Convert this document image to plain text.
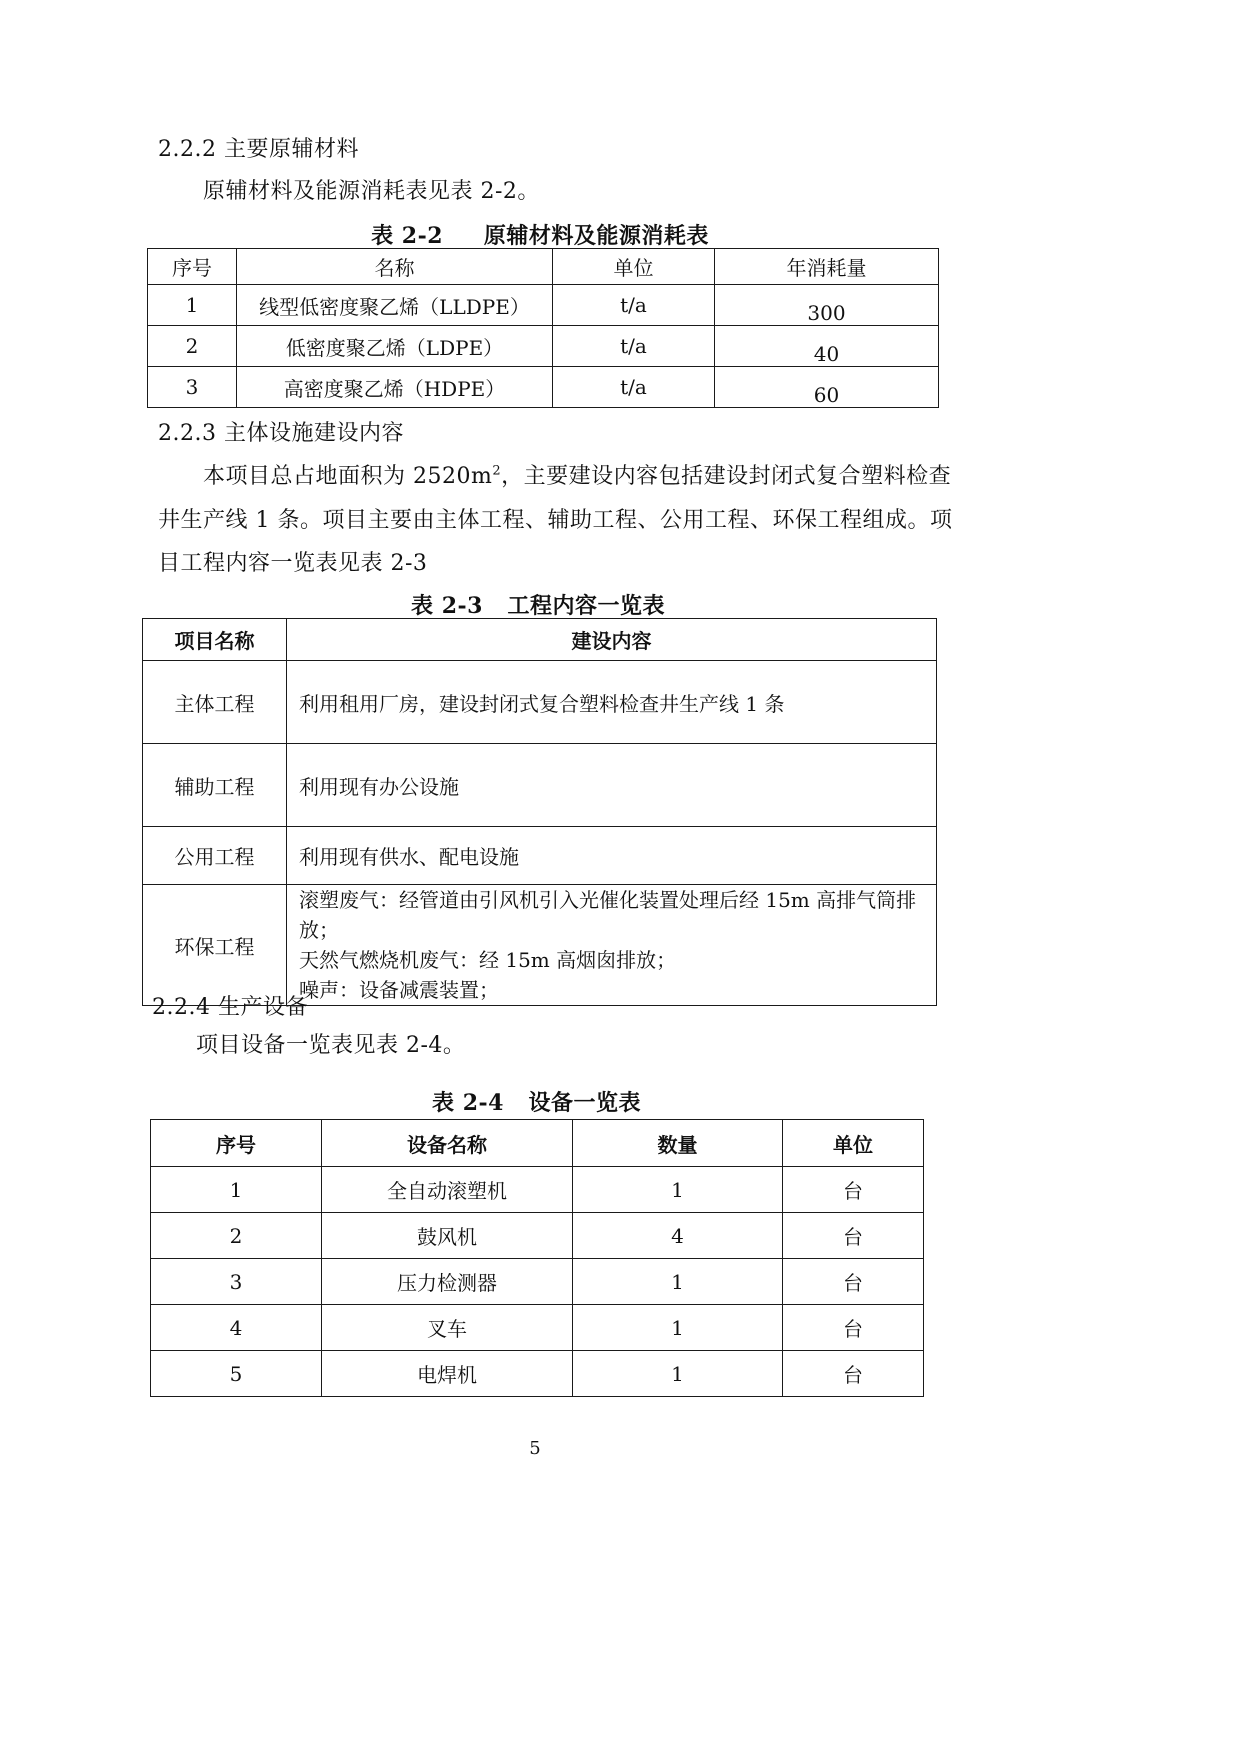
2.2.2 主要原辅材料
原辅材料及能源消耗表见表 2-2。
表 2-2 原辅材料及能源消耗表
序号	名称	单位	年消耗量
1	线型低密度聚乙烯（LLDPE）	t/a	300
2	低密度聚乙烯（LDPE）	t/a	40
3	高密度聚乙烯（HDPE）	t/a	60
2.2.3 主体设施建设内容
本项目总占地面积为 $2520m^2$，主要建设内容包括建设封闭式复合塑料检查
井生产线 1 条。项目主要由主体工程、辅助工程、公用工程、环保工程组成。项
目工程内容一览表见表 2-3
表 2-3 工程内容一览表
项目名称	建设内容
主体工程	利用租用厂房，建设封闭式复合塑料检查井生产线 1 条
辅助工程	利用现有办公设施
公用工程	利用现有供水、配电设施
环保工程	滚塑废气：经管道由引风机引入光催化装置处理后经 15m 高排气筒排放；
天然气燃烧机废气：经 15m 高烟囱排放；
噪声：设备减震装置；
2.2.4 生产设备
项目设备一览表见表 2-4。
表 2-4 设备一览表
序号	设备名称	数量	单位
1	全自动滚塑机	1	台
2	鼓风机	4	台
3	压力检测器	1	台
4	叉车	1	台
5	电焊机	1	台
5
